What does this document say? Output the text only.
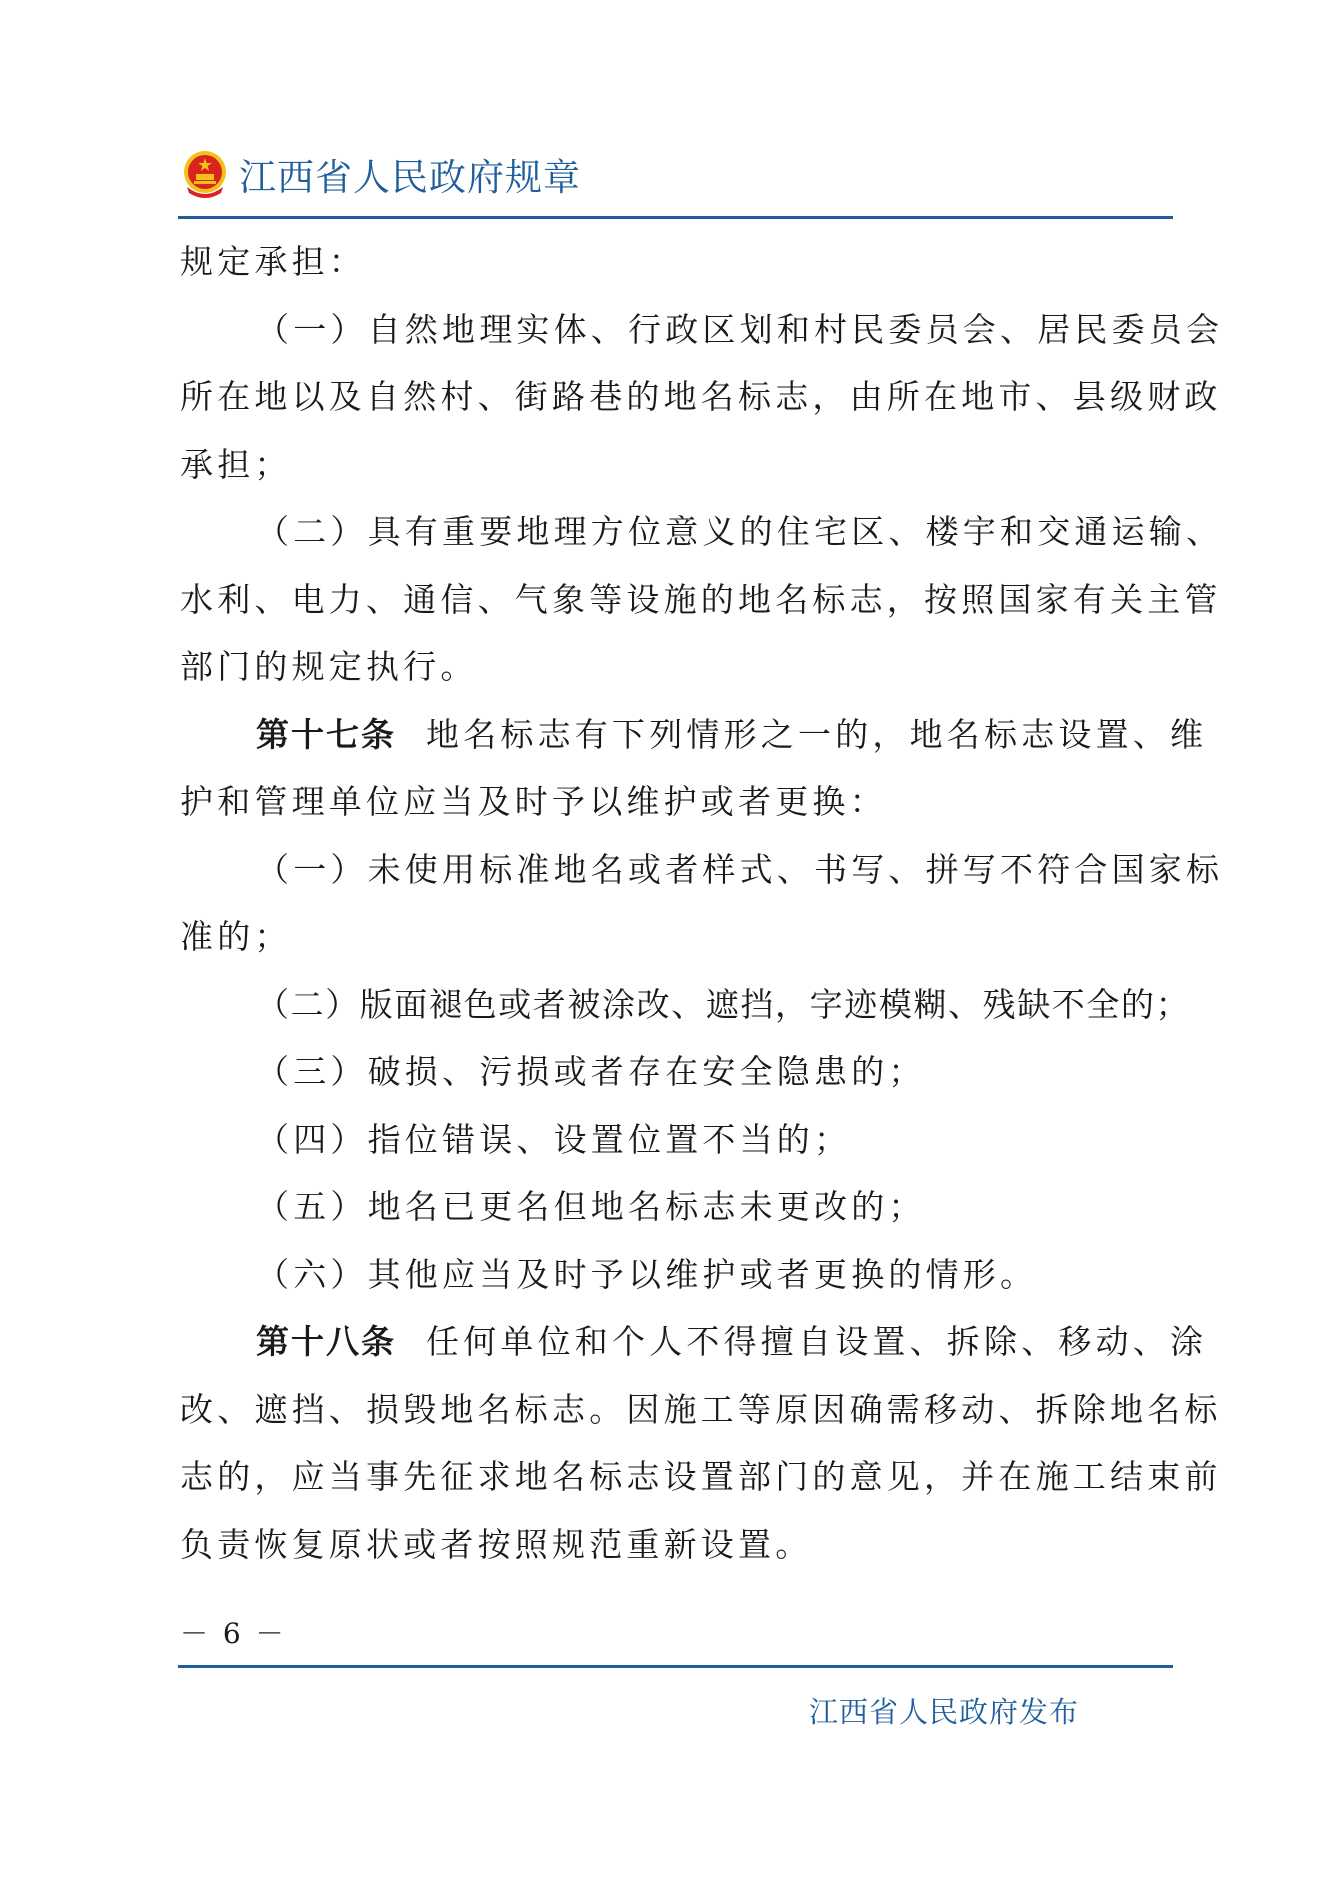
江西省人民政府规章
规定承担：
（一）自然地理实体、行政区划和村民委员会、居民委员会
所在地以及自然村、街路巷的地名标志，由所在地市、县级财政
承担；
（二）具有重要地理方位意义的住宅区、楼宇和交通运输、
水利、电力、通信、气象等设施的地名标志，按照国家有关主管
部门的规定执行。
第十七条 地名标志有下列情形之一的，地名标志设置、维
护和管理单位应当及时予以维护或者更换：
（一）未使用标准地名或者样式、书写、拼写不符合国家标
准的；
（二）版面褪色或者被涂改、遮挡，字迹模糊、残缺不全的；
（三）破损、污损或者存在安全隐患的；
（四）指位错误、设置位置不当的；
（五）地名已更名但地名标志未更改的；
（六）其他应当及时予以维护或者更换的情形。
第十八条 任何单位和个人不得擅自设置、拆除、移动、涂
改、遮挡、损毁地名标志。因施工等原因确需移动、拆除地名标
志的，应当事先征求地名标志设置部门的意见，并在施工结束前
负责恢复原状或者按照规范重新设置。
－ 6 －
江西省人民政府发布
